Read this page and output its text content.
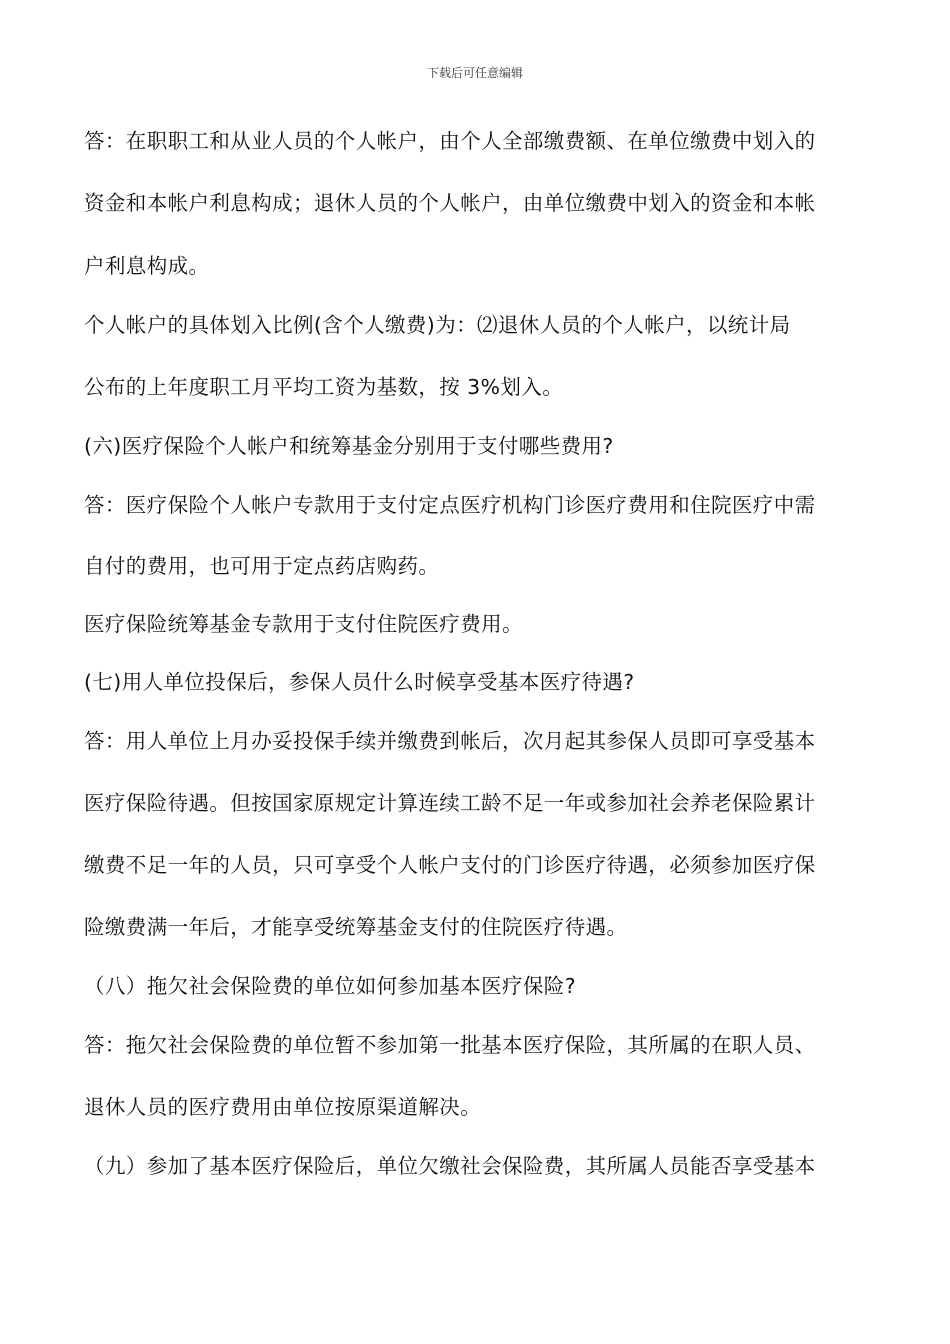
下载后可任意编辑
答：在职职工和从业人员的个人帐户，由个人全部缴费额、在单位缴费中划入的
资金和本帐户利息构成；退休人员的个人帐户，由单位缴费中划入的资金和本帐
户利息构成。
个人帐户的具体划入比例(含个人缴费)为：⑵退休人员的个人帐户，以统计局
公布的上年度职工月平均工资为基数，按 3%划入。
(六)医疗保险个人帐户和统筹基金分别用于支付哪些费用?
答：医疗保险个人帐户专款用于支付定点医疗机构门诊医疗费用和住院医疗中需
自付的费用，也可用于定点药店购药。
医疗保险统筹基金专款用于支付住院医疗费用。
(七)用人单位投保后，参保人员什么时候享受基本医疗待遇?
答：用人单位上月办妥投保手续并缴费到帐后，次月起其参保人员即可享受基本
医疗保险待遇。但按国家原规定计算连续工龄不足一年或参加社会养老保险累计
缴费不足一年的人员，只可享受个人帐户支付的门诊医疗待遇，必须参加医疗保
险缴费满一年后，才能享受统筹基金支付的住院医疗待遇。
（八）拖欠社会保险费的单位如何参加基本医疗保险?
答：拖欠社会保险费的单位暂不参加第一批基本医疗保险，其所属的在职人员、
退休人员的医疗费用由单位按原渠道解决。
（九）参加了基本医疗保险后，单位欠缴社会保险费，其所属人员能否享受基本
